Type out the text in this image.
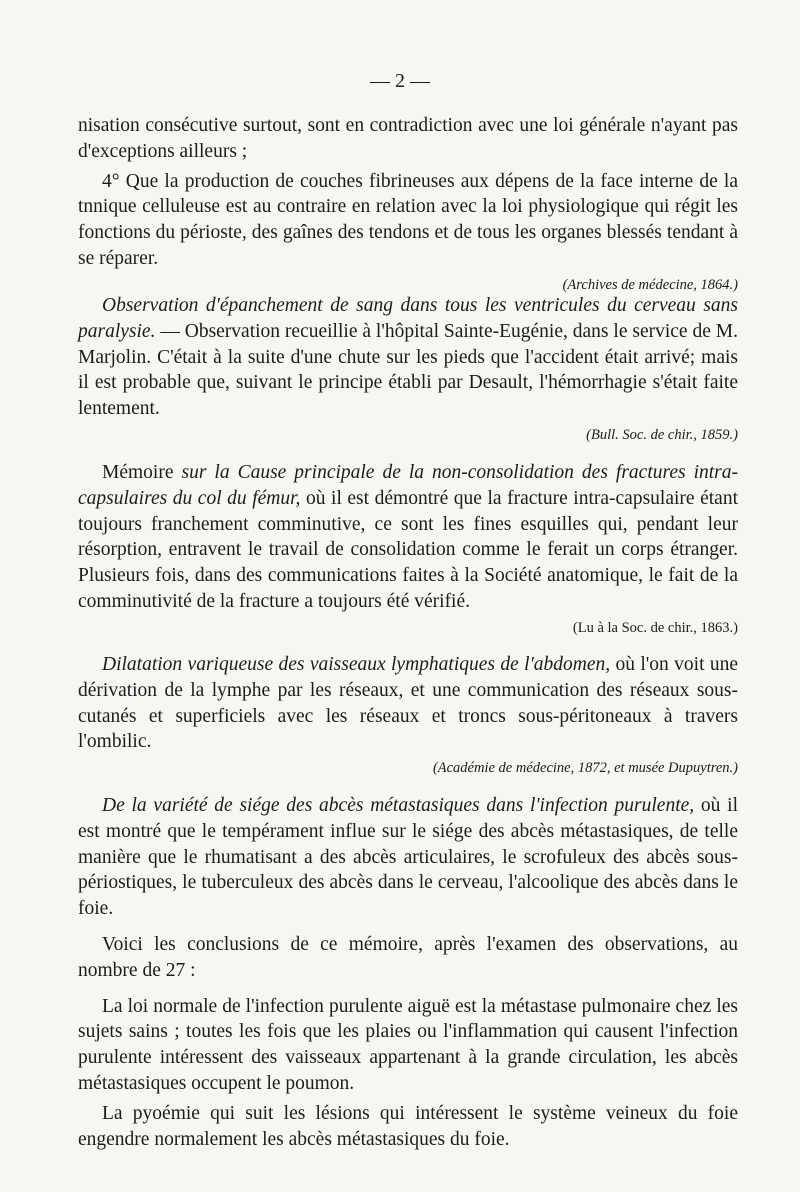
— 2 —

nisation consécutive surtout, sont en contradiction avec une loi générale n'ayant pas d'exceptions ailleurs ;

4° Que la production de couches fibrineuses aux dépens de la face interne de la tnnique celluleuse est au contraire en relation avec la loi physiologique qui régit les fonctions du périoste, des gaînes des tendons et de tous les organes blessés tendant à se réparer.

(Archives de médecine, 1864.)

Observation d'épanchement de sang dans tous les ventricules du cerveau sans paralysie. — Observation recueillie à l'hôpital Sainte-Eugénie, dans le service de M. Marjolin. C'était à la suite d'une chute sur les pieds que l'accident était arrivé; mais il est probable que, suivant le principe établi par Desault, l'hémorrhagie s'était faite lentement.

(Bull. Soc. de chir., 1859.)

Mémoire sur la Cause principale de la non-consolidation des fractures intra-capsulaires du col du fémur, où il est démontré que la fracture intra-capsulaire étant toujours franchement comminutive, ce sont les fines esquilles qui, pendant leur résorption, entravent le travail de consolidation comme le ferait un corps étranger. Plusieurs fois, dans des communications faites à la Société anatomique, le fait de la comminutivité de la fracture a toujours été vérifié.

(Lu à la Soc. de chir., 1863.)

Dilatation variqueuse des vaisseaux lymphatiques de l'abdomen, où l'on voit une dérivation de la lymphe par les réseaux, et une communication des réseaux sous-cutanés et superficiels avec les réseaux et troncs sous-péritoneaux à travers l'ombilic.

(Académie de médecine, 1872, et musée Dupuytren.)

De la variété de siége des abcès métastasiques dans l'infection purulente, où il est montré que le tempérament influe sur le siége des abcès métastasiques, de telle manière que le rhumatisant a des abcès articulaires, le scrofuleux des abcès sous-périostiques, le tuberculeux des abcès dans le cerveau, l'alcoolique des abcès dans le foie.

Voici les conclusions de ce mémoire, après l'examen des observations, au nombre de 27 :

La loi normale de l'infection purulente aiguë est la métastase pulmonaire chez les sujets sains ; toutes les fois que les plaies ou l'inflammation qui causent l'infection purulente intéressent des vaisseaux appartenant à la grande circulation, les abcès métastasiques occupent le poumon.

La pyoémie qui suit les lésions qui intéressent le système veineux du foie engendre normalement les abcès métastasiques du foie.
